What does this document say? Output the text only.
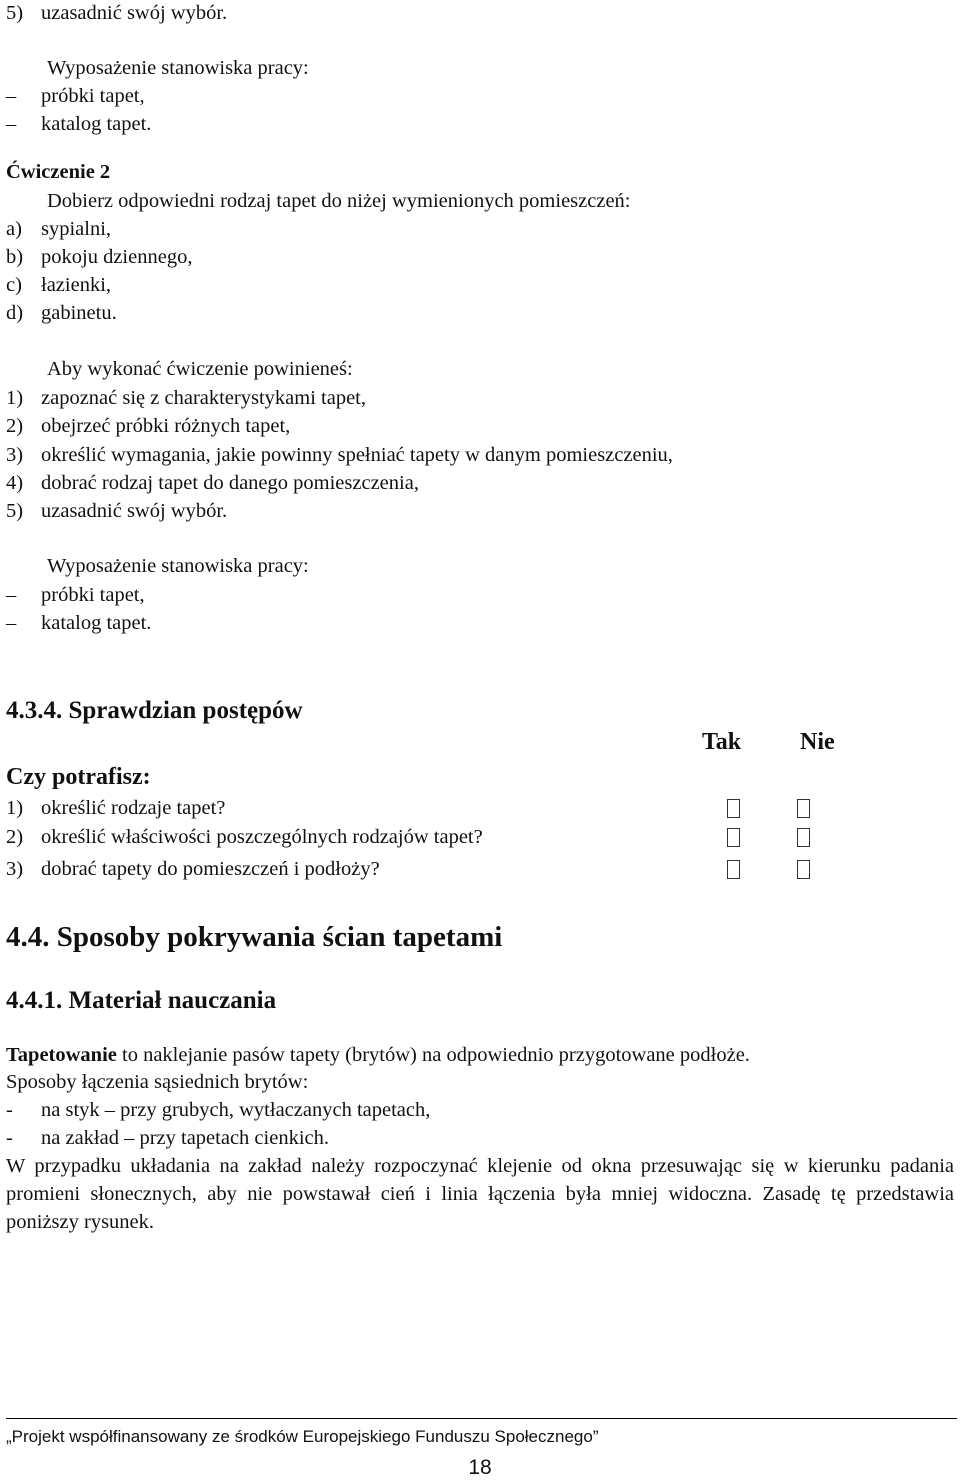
5) uzasadnić swój wybór.
Wyposażenie stanowiska pracy:
– próbki tapet,
– katalog tapet.
Ćwiczenie 2
Dobierz odpowiedni rodzaj tapet do niżej wymienionych pomieszczeń:
a) sypialni,
b) pokoju dziennego,
c) łazienki,
d) gabinetu.
Aby wykonać ćwiczenie powinieneś:
1) zapoznać się z charakterystykami tapet,
2) obejrzeć próbki różnych tapet,
3) określić wymagania, jakie powinny spełniać tapety w danym pomieszczeniu,
4) dobrać rodzaj tapet do danego pomieszczenia,
5) uzasadnić swój wybór.
Wyposażenie stanowiska pracy:
– próbki tapet,
– katalog tapet.
4.3.4. Sprawdzian postępów
Tak Nie
Czy potrafisz:
1) określić rodzaje tapet?
2) określić właściwości poszczególnych rodzajów tapet?
3) dobrać tapety do pomieszczeń i podłoży?
4.4. Sposoby pokrywania ścian tapetami
4.4.1. Materiał nauczania
Tapetowanie to naklejanie pasów tapety (brytów) na odpowiednio przygotowane podłoże.
Sposoby łączenia sąsiednich brytów:
- na styk – przy grubych, wytłaczanych tapetach,
- na zakład – przy tapetach cienkich.
W przypadku układania na zakład należy rozpoczynać klejenie od okna przesuwając się w kierunku padania promieni słonecznych, aby nie powstawał cień i linia łączenia była mniej widoczna. Zasadę tę przedstawia poniższy rysunek.
„Projekt współfinansowany ze środków Europejskiego Funduszu Społecznego”
18
